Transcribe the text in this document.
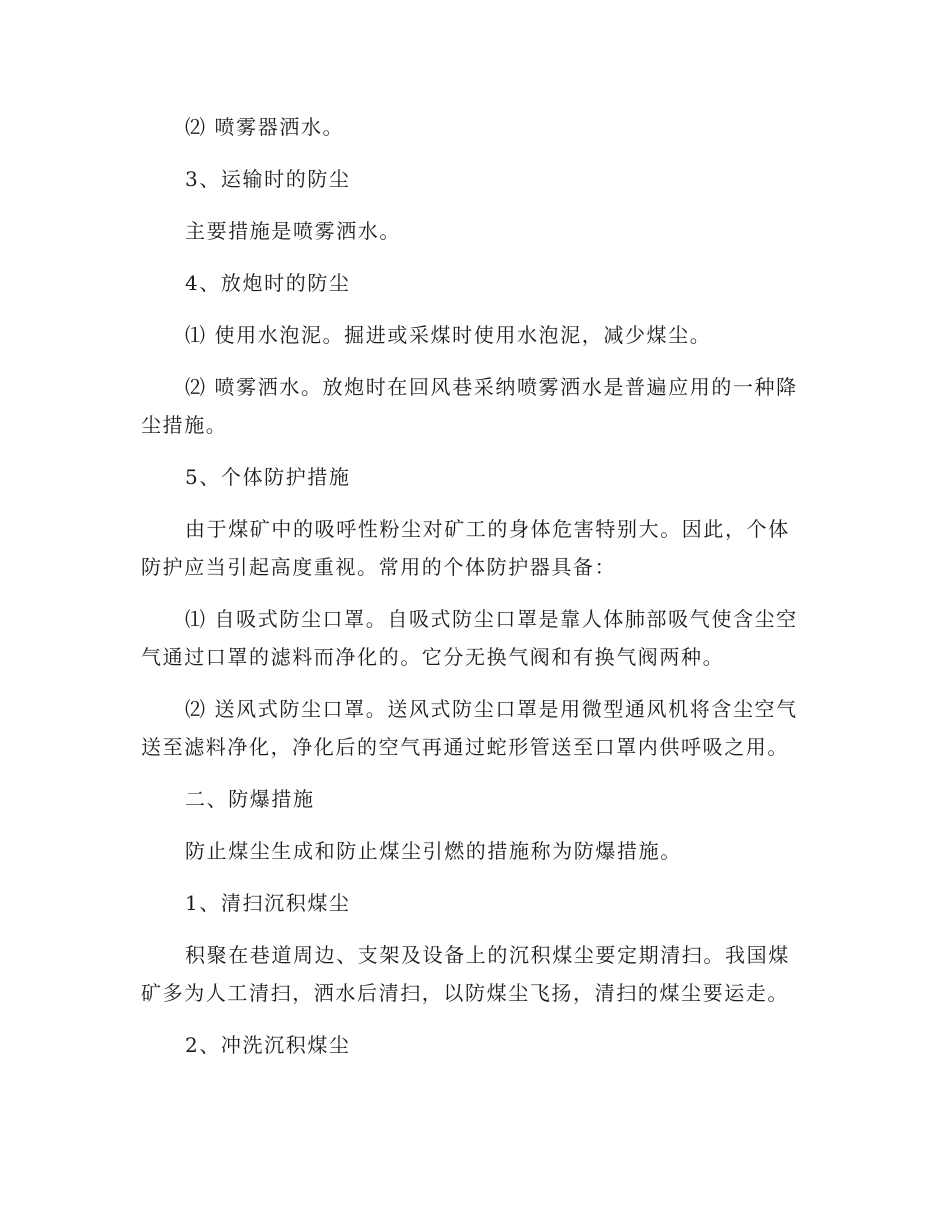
⑵ 喷雾器洒水。

3、运输时的防尘

主要措施是喷雾洒水。

4、放炮时的防尘

⑴ 使用水泡泥。掘进或采煤时使用水泡泥，减少煤尘。

⑵ 喷雾洒水。放炮时在回风巷采纳喷雾洒水是普遍应用的一种降尘措施。

5、个体防护措施

由于煤矿中的吸呼性粉尘对矿工的身体危害特别大。因此，个体防护应当引起高度重视。常用的个体防护器具备：

⑴ 自吸式防尘口罩。自吸式防尘口罩是靠人体肺部吸气使含尘空气通过口罩的滤料而净化的。它分无换气阀和有换气阀两种。

⑵ 送风式防尘口罩。送风式防尘口罩是用微型通风机将含尘空气送至滤料净化，净化后的空气再通过蛇形管送至口罩内供呼吸之用。

二、防爆措施

防止煤尘生成和防止煤尘引燃的措施称为防爆措施。

1、清扫沉积煤尘

积聚在巷道周边、支架及设备上的沉积煤尘要定期清扫。我国煤矿多为人工清扫，洒水后清扫，以防煤尘飞扬，清扫的煤尘要运走。

2、冲洗沉积煤尘
